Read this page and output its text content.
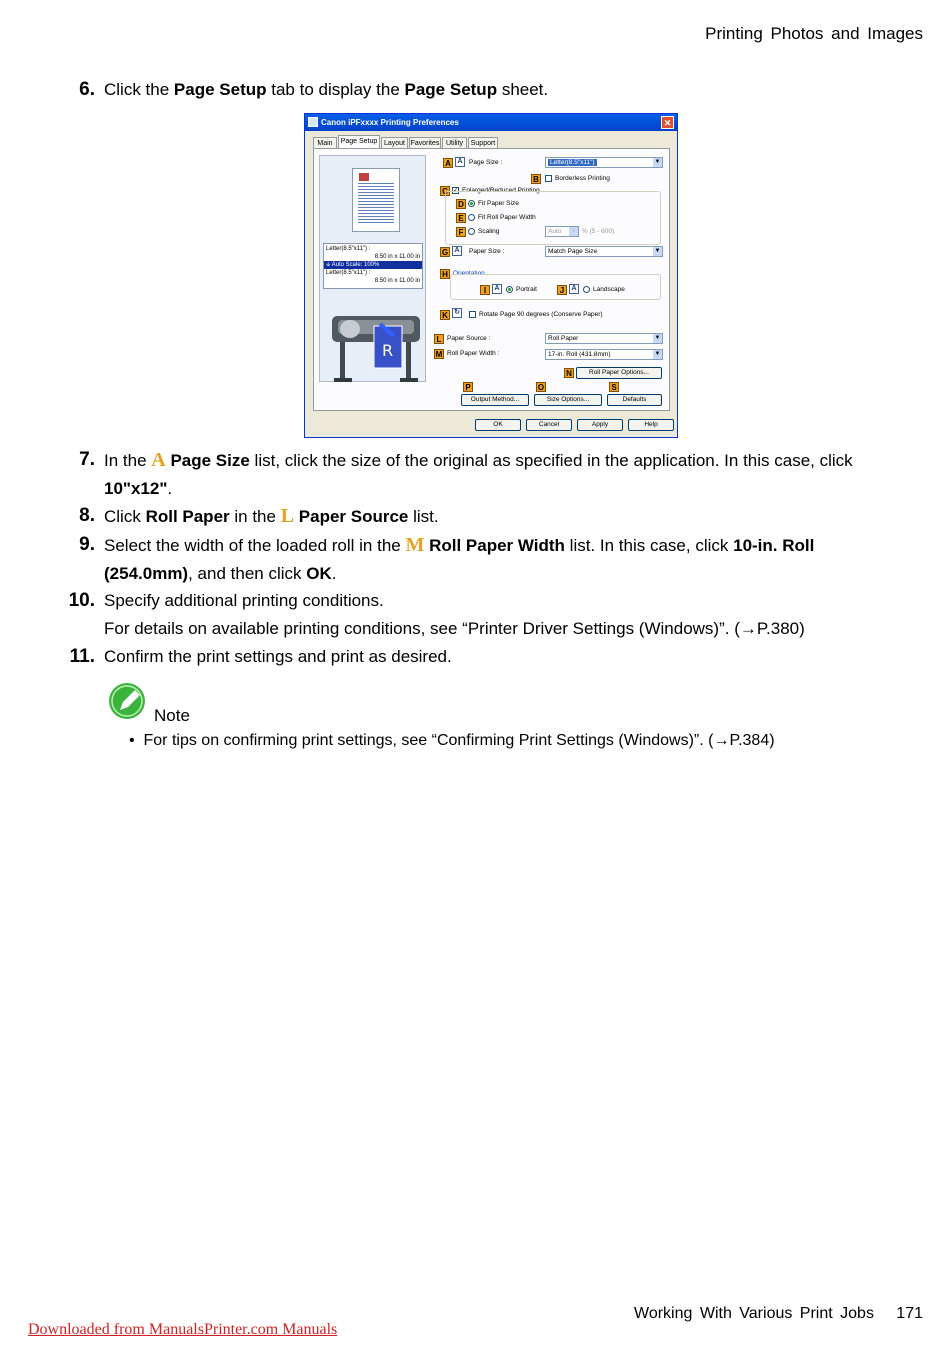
Printing Photos and Images
6. Click the Page Setup tab to display the Page Setup sheet.
Canon iPFxxxx Printing Preferences	✕
Main	Page Setup Layout Favorites Utility	Support
Letter(8.5"x11") :
8.50 in x 11.00 in
🡫 Auto Scale: 100%
Letter(8.5"x11") :
8.50 in x 11.00 in
R
A A Page Size :	Letter(8.5"x11")	▼
B	Borderless Printing
C ✓ Enlarged/Reduced Printing
D	Fit Paper Size
E	Fit Roll Paper Width
F	Scaling	Auto	↕	% (5 - 600)
G A	Paper Size :	Match Page Size	▼
H Orientation
I	A	Portrait	J	A	Landscape
K ↻	Rotate Page 90 degrees (Conserve Paper)
L Paper Source :	Roll Paper	▼
M Roll Paper Width :	17-in. Roll (431.8mm)	▼
N	Roll Paper Options...
P	O	S
Output Method...	Size Options...	Defaults
OK	Cancel	Apply	Help
7. In the A Page Size list, click the size of the original as specified in the application. In this case, click 10"x12".
8. Click Roll Paper in the L Paper Source list.
9. Select the width of the loaded roll in the M Roll Paper Width list. In this case, click 10-in. Roll (254.0mm), and then click OK.
10. Specify additional printing conditions.
For details on available printing conditions, see “Printer Driver Settings (Windows)”. (→P.380)
11. Confirm the print settings and print as desired.
Note
•  For tips on confirming print settings, see “Confirming Print Settings (Windows)”. (→P.384)
Working With Various Print Jobs 171
Downloaded from ManualsPrinter.com Manuals
